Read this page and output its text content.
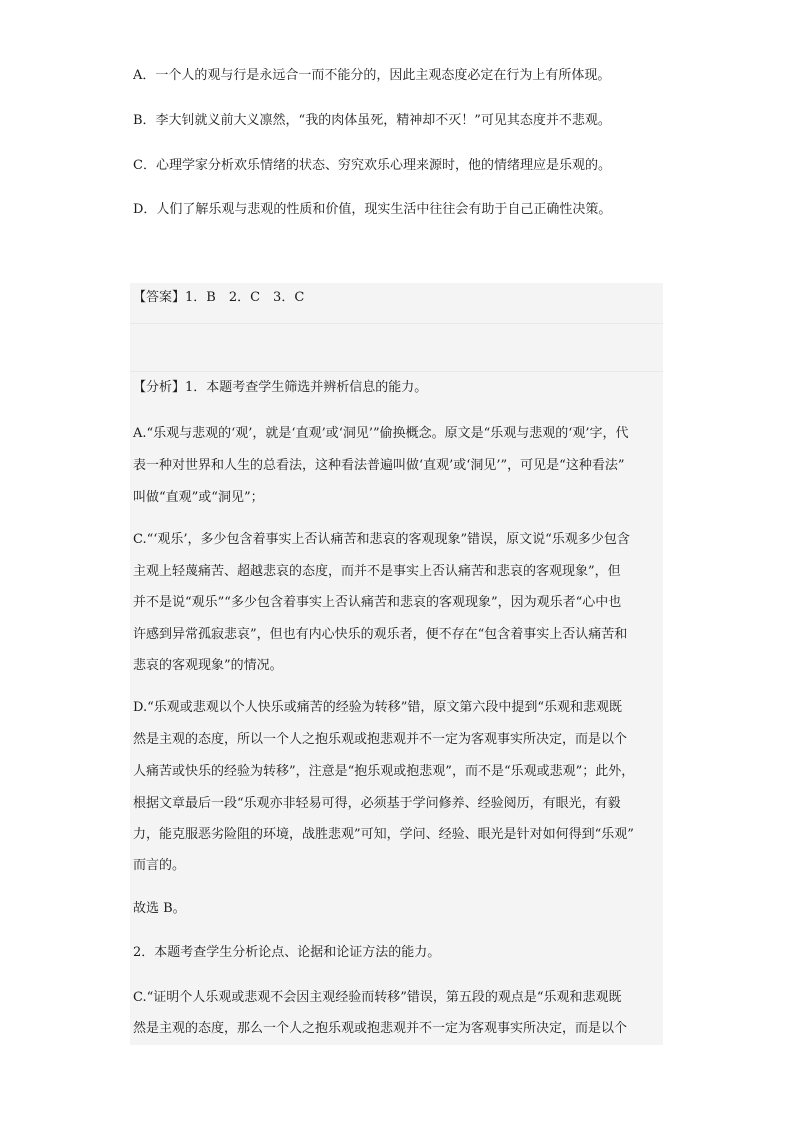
A．一个人的观与行是永远合一而不能分的，因此主观态度必定在行为上有所体现。
B．李大钊就义前大义凛然，“我的肉体虽死，精神却不灭！”可见其态度并不悲观。
C．心理学家分析欢乐情绪的状态、穷究欢乐心理来源时，他的情绪理应是乐观的。
D．人们了解乐观与悲观的性质和价值，现实生活中往往会有助于自己正确性决策。
【答案】1．B　2．C　3．C
【分析】1．本题考查学生筛选并辨析信息的能力。
A.“乐观与悲观的‘观’，就是‘直观’或‘洞见’”偷换概念。原文是“乐观与悲观的‘观’字，代
表一种对世界和人生的总看法，这种看法普遍叫做‘直观’或‘洞见’”，可见是“这种看法”
叫做“直观”或“洞见”；
C.“‘观乐’，多少包含着事实上否认痛苦和悲哀的客观现象”错误，原文说“乐观多少包含
主观上轻蔑痛苦、超越悲哀的态度，而并不是事实上否认痛苦和悲哀的客观现象”，但
并不是说“观乐”“多少包含着事实上否认痛苦和悲哀的客观现象”，因为观乐者“心中也
许感到异常孤寂悲哀”，但也有内心快乐的观乐者，便不存在“包含着事实上否认痛苦和
悲哀的客观现象”的情况。
D.“乐观或悲观以个人快乐或痛苦的经验为转移”错，原文第六段中提到“乐观和悲观既
然是主观的态度，所以一个人之抱乐观或抱悲观并不一定为客观事实所决定，而是以个
人痛苦或快乐的经验为转移”，注意是“抱乐观或抱悲观”，而不是“乐观或悲观”；此外，
根据文章最后一段“乐观亦非轻易可得，必须基于学问修养、经验阅历，有眼光，有毅
力，能克服恶劣险阻的环境，战胜悲观”可知，学问、经验、眼光是针对如何得到“乐观”
而言的。
故选 B。
2．本题考查学生分析论点、论据和论证方法的能力。
C.“证明个人乐观或悲观不会因主观经验而转移”错误，第五段的观点是“乐观和悲观既
然是主观的态度，那么一个人之抱乐观或抱悲观并不一定为客观事实所决定，而是以个
